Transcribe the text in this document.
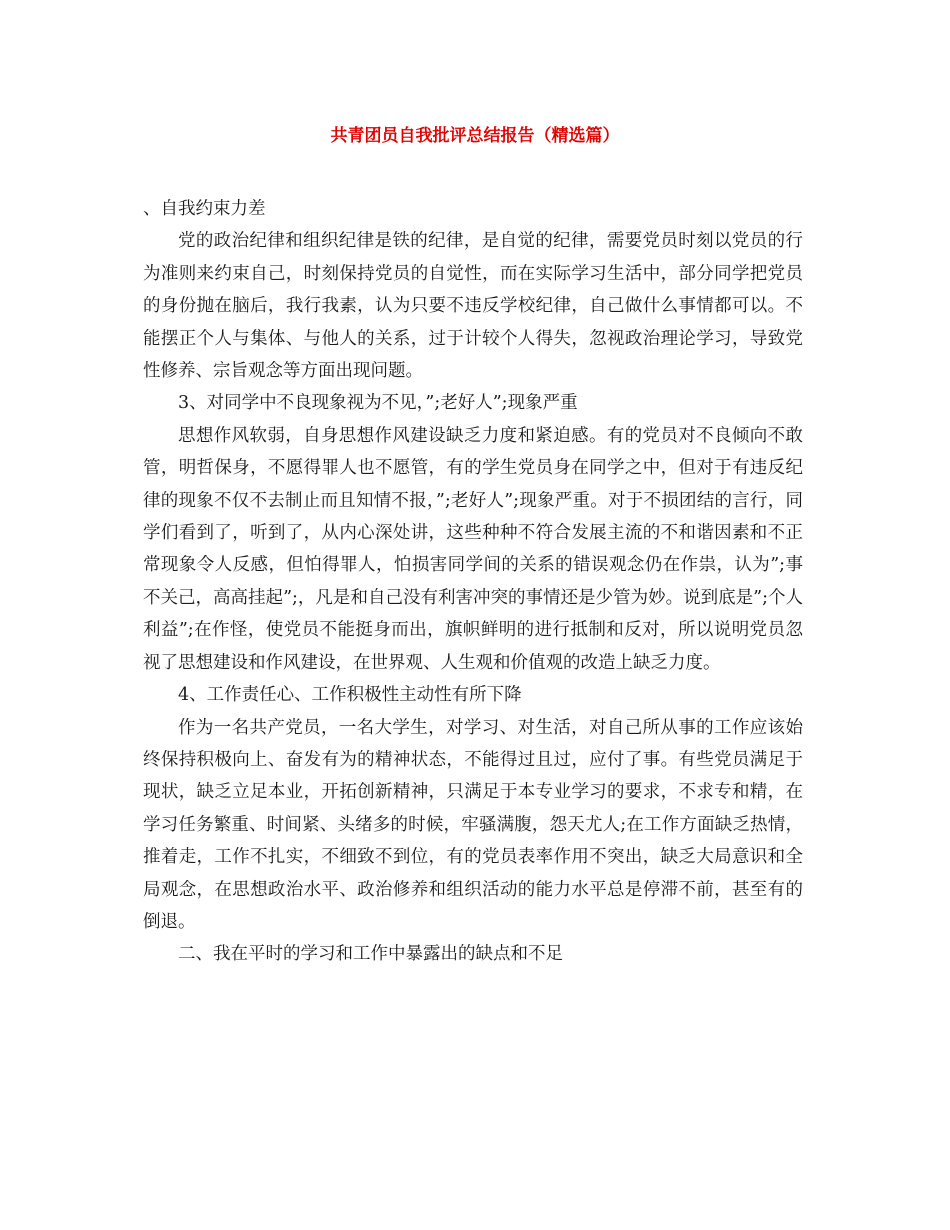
共青团员自我批评总结报告（精选篇）

、自我约束力差

党的政治纪律和组织纪律是铁的纪律，是自觉的纪律，需要党员时刻以党员的行为准则来约束自己，时刻保持党员的自觉性，而在实际学习生活中，部分同学把党员的身份抛在脑后，我行我素，认为只要不违反学校纪律，自己做什么事情都可以。不能摆正个人与集体、与他人的关系，过于计较个人得失，忽视政治理论学习，导致党性修养、宗旨观念等方面出现问题。

3、对同学中不良现象视为不见，”;老好人”;现象严重

思想作风软弱，自身思想作风建设缺乏力度和紧迫感。有的党员对不良倾向不敢管，明哲保身，不愿得罪人也不愿管，有的学生党员身在同学之中，但对于有违反纪律的现象不仅不去制止而且知情不报，”;老好人”;现象严重。对于不损团结的言行，同学们看到了，听到了，从内心深处讲，这些种种不符合发展主流的不和谐因素和不正常现象令人反感，但怕得罪人，怕损害同学间的关系的错误观念仍在作祟，认为”;事不关己，高高挂起”;，凡是和自己没有利害冲突的事情还是少管为妙。说到底是”;个人利益”;在作怪，使党员不能挺身而出，旗帜鲜明的进行抵制和反对，所以说明党员忽视了思想建设和作风建设，在世界观、人生观和价值观的改造上缺乏力度。

4、工作责任心、工作积极性主动性有所下降

作为一名共产党员，一名大学生，对学习、对生活，对自己所从事的工作应该始终保持积极向上、奋发有为的精神状态，不能得过且过，应付了事。有些党员满足于现状，缺乏立足本业，开拓创新精神，只满足于本专业学习的要求，不求专和精，在学习任务繁重、时间紧、头绪多的时候，牢骚满腹，怨天尤人;在工作方面缺乏热情，推着走，工作不扎实，不细致不到位，有的党员表率作用不突出，缺乏大局意识和全局观念，在思想政治水平、政治修养和组织活动的能力水平总是停滞不前，甚至有的倒退。

二、我在平时的学习和工作中暴露出的缺点和不足
